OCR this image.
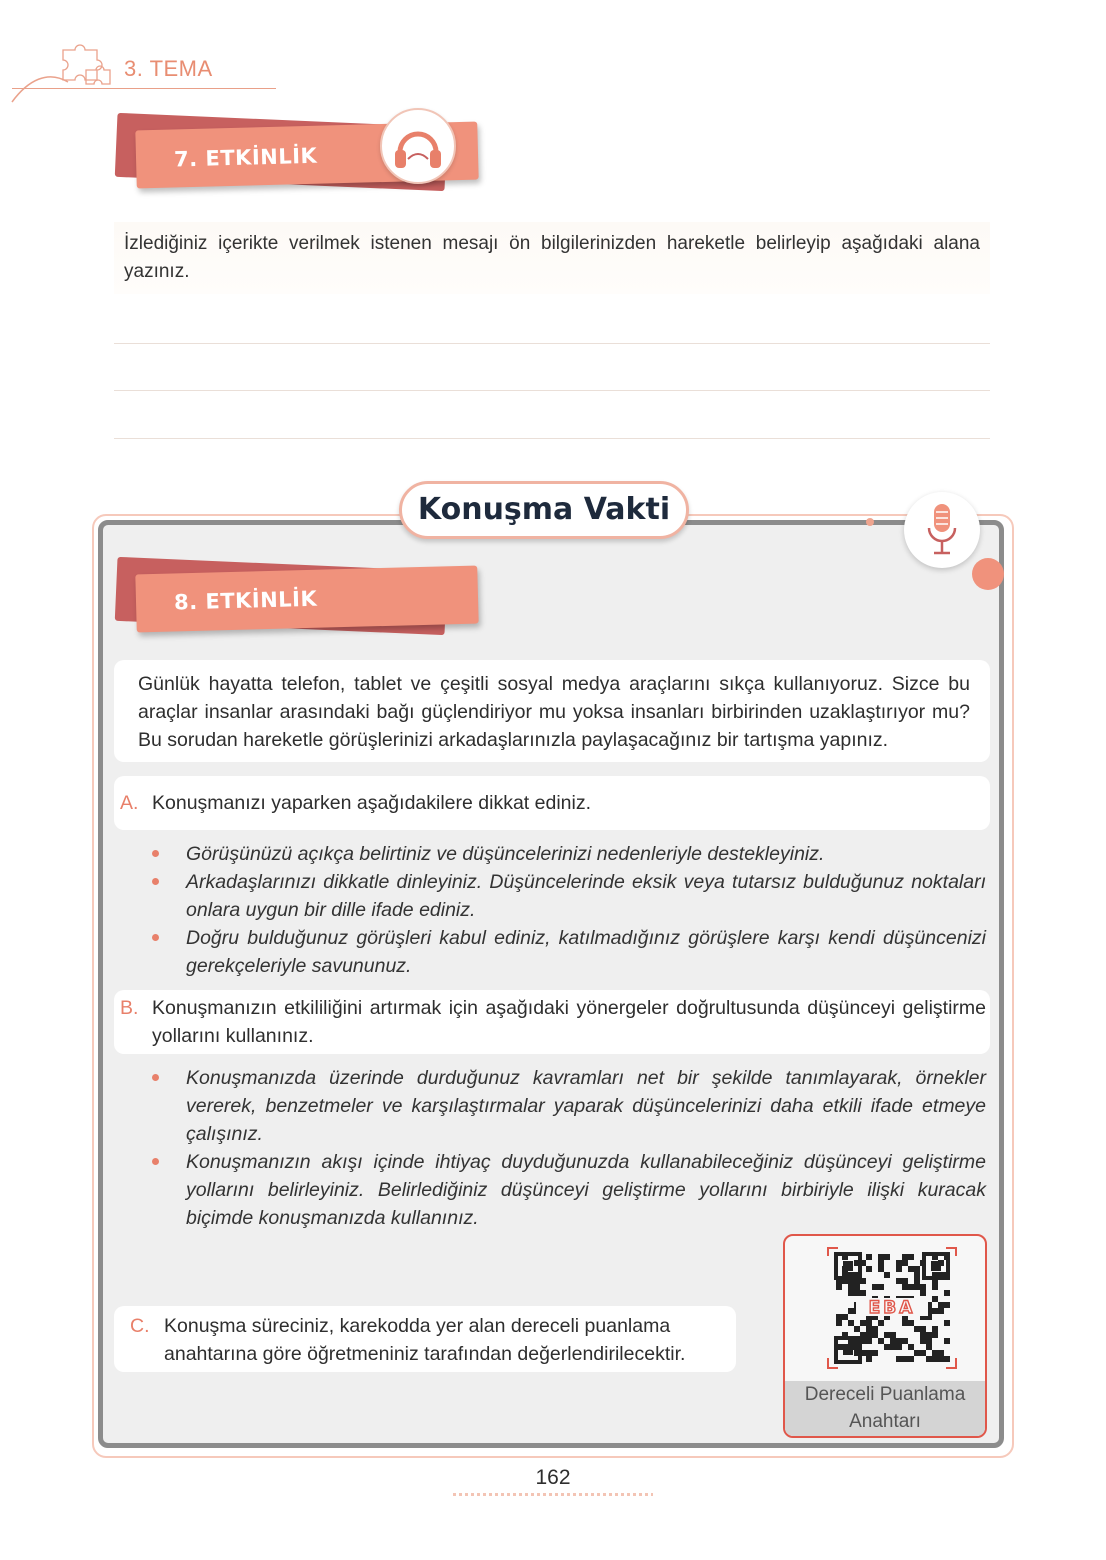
3. TEMA
7. ETKİNLİK
İzlediğiniz içerikte verilmek istenen mesajı ön bilgilerinizden hareketle belirleyip aşağıdaki alana yazınız.
Konuşma Vakti
8. ETKİNLİK
Günlük hayatta telefon, tablet ve çeşitli sosyal medya araçlarını sıkça kullanıyoruz. Sizce bu araçlar insanlar arasındaki bağı güçlendiriyor mu yoksa insanları birbirinden uzaklaştırıyor mu? Bu sorudan hareketle görüşlerinizi arkadaşlarınızla paylaşacağınız bir tartışma yapınız.
A. Konuşmanızı yaparken aşağıdakilere dikkat ediniz.
Görüşünüzü açıkça belirtiniz ve düşüncelerinizi nedenleriyle destekleyiniz.
Arkadaşlarınızı dikkatle dinleyiniz. Düşüncelerinde eksik veya tutarsız bulduğunuz noktaları onlara uygun bir dille ifade ediniz.
Doğru bulduğunuz görüşleri kabul ediniz, katılmadığınız görüşlere karşı kendi düşüncenizi gerekçeleriyle savununuz.
B. Konuşmanızın etkililiğini artırmak için aşağıdaki yönergeler doğrultusunda düşünceyi geliştirme yollarını kullanınız.
Konuşmanızda üzerinde durduğunuz kavramları net bir şekilde tanımlayarak, örnekler vererek, benzetmeler ve karşılaştırmalar yaparak düşüncelerinizi daha etkili ifade etmeye çalışınız.
Konuşmanızın akışı içinde ihtiyaç duyduğunuzda kullanabileceğiniz düşünceyi geliştirme yollarını belirleyiniz. Belirlediğiniz düşünceyi geliştirme yollarını birbiriyle ilişki kuracak biçimde konuşmanızda kullanınız.
C. Konuşma süreciniz, karekodda yer alan dereceli puanlama anahtarına göre öğretmeniniz tarafından değerlendirilecektir.
EBA
Dereceli Puanlama Anahtarı
162
